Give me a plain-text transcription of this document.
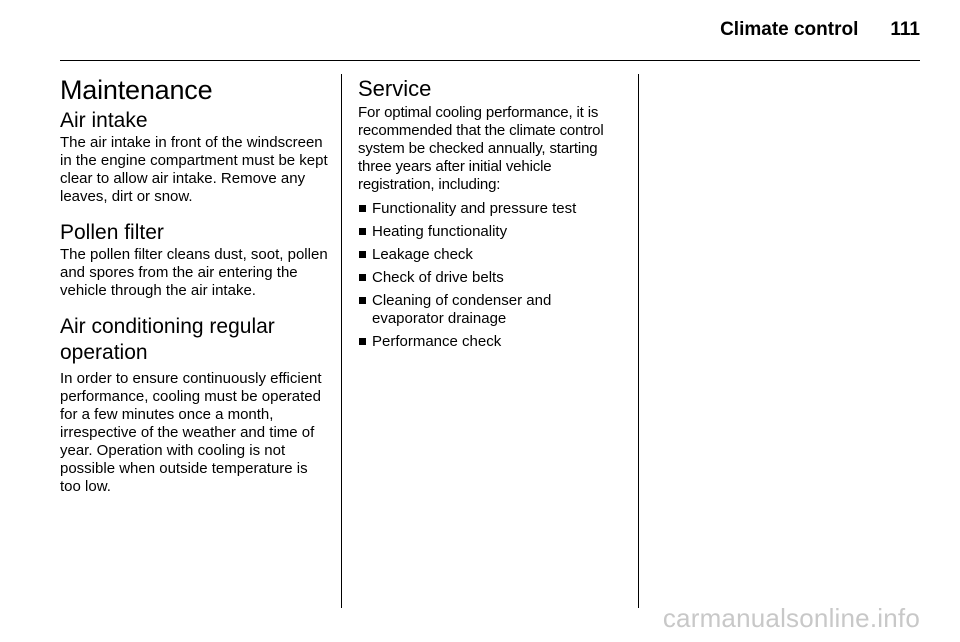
Climate control 111
Maintenance
Air intake

The air intake in front of the windscreen in the engine compartment must be kept clear to allow air intake. Remove any leaves, dirt or snow.

Pollen filter

The pollen filter cleans dust, soot, pollen and spores from the air entering the vehicle through the air intake.

Air conditioning regular operation

In order to ensure continuously efficient performance, cooling must be operated for a few minutes once a month, irrespective of the weather and time of year. Operation with cooling is not possible when outside temperature is too low.

Service

For optimal cooling performance, it is recommended that the climate control system be checked annually, starting three years after initial vehicle registration, including:

Functionality and pressure test
Heating functionality
Leakage check
Check of drive belts
Cleaning of condenser and evaporator drainage
Performance check
carmanualsonline.info
